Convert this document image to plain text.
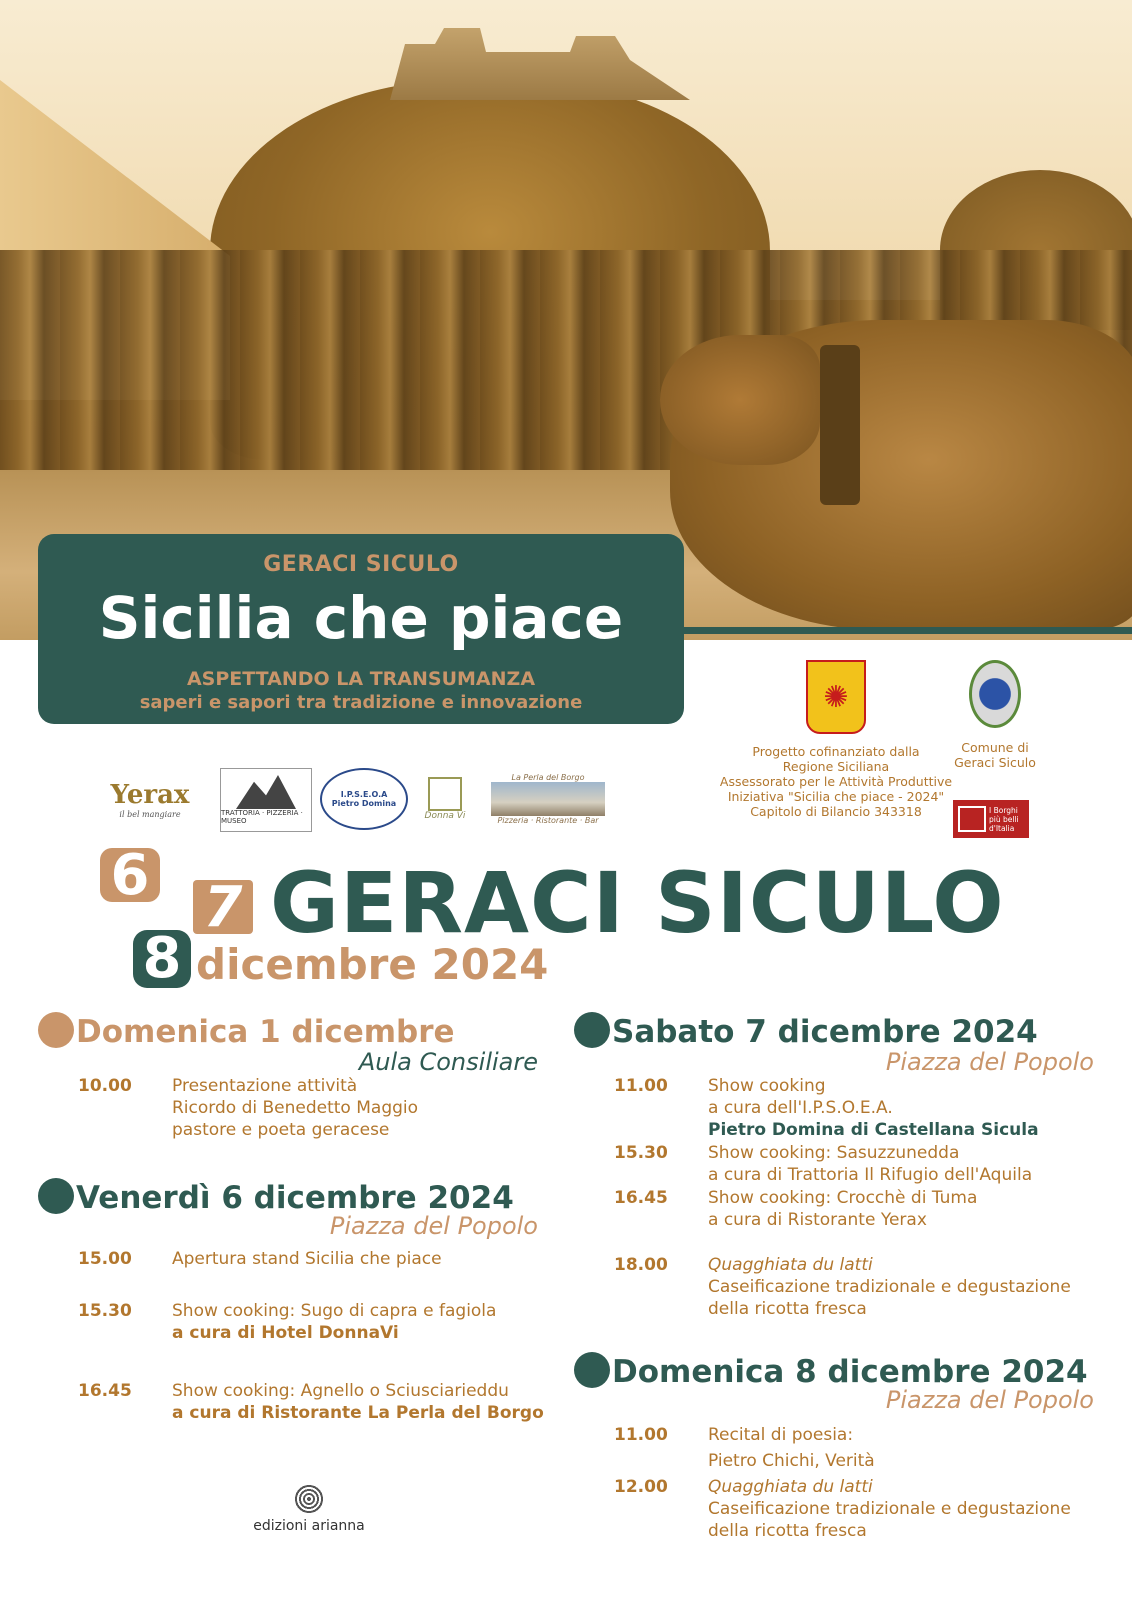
GERACI SICULO
Sicilia che piace
ASPETTANDO LA TRANSUMANZA
saperi e sapori tra tradizione e innovazione
Yerax
il bel mangiare	TRATTORIA · PIZZERIA · MUSEO
I.P.S.E.O.A
Pietro Domina
Donna Vi
La Perla del Borgo
Pizzeria · Ristorante · Bar
✺
Progetto cofinanziato dalla
Regione Siciliana
Assessorato per le Attività Produttive
Iniziativa "Sicilia che piace - 2024"
Capitolo di Bilancio 343318
Comune di
Geraci Siculo
I Borghi più belli d'Italia
6 7
8
GERACI SICULO
dicembre 2024
Domenica 1 dicembre
Aula Consiliare
10.00 Presentazione attività
Ricordo di Benedetto Maggio
pastore e poeta geracese
Venerdì 6 dicembre 2024
Piazza del Popolo
15.00 Apertura stand Sicilia che piace
15.30 Show cooking: Sugo di capra e fagiola
a cura di Hotel DonnaVi
16.45 Show cooking: Agnello o Sciusciarieddu
a cura di Ristorante La Perla del Borgo
Sabato 7 dicembre 2024
Piazza del Popolo
11.00 Show cooking
a cura dell'I.P.S.O.E.A.
Pietro Domina di Castellana Sicula
15.30 Show cooking: Sasuzzunedda
a cura di Trattoria Il Rifugio dell'Aquila
16.45 Show cooking: Crocchè di Tuma
a cura di Ristorante Yerax
18.00 Quagghiata du latti
Caseificazione tradizionale e degustazione
della ricotta fresca
Domenica 8 dicembre 2024
Piazza del Popolo
11.00 Recital di poesia:
Pietro Chichi, Verità
12.00 Quagghiata du latti
Caseificazione tradizionale e degustazione
della ricotta fresca
edizioni arianna
